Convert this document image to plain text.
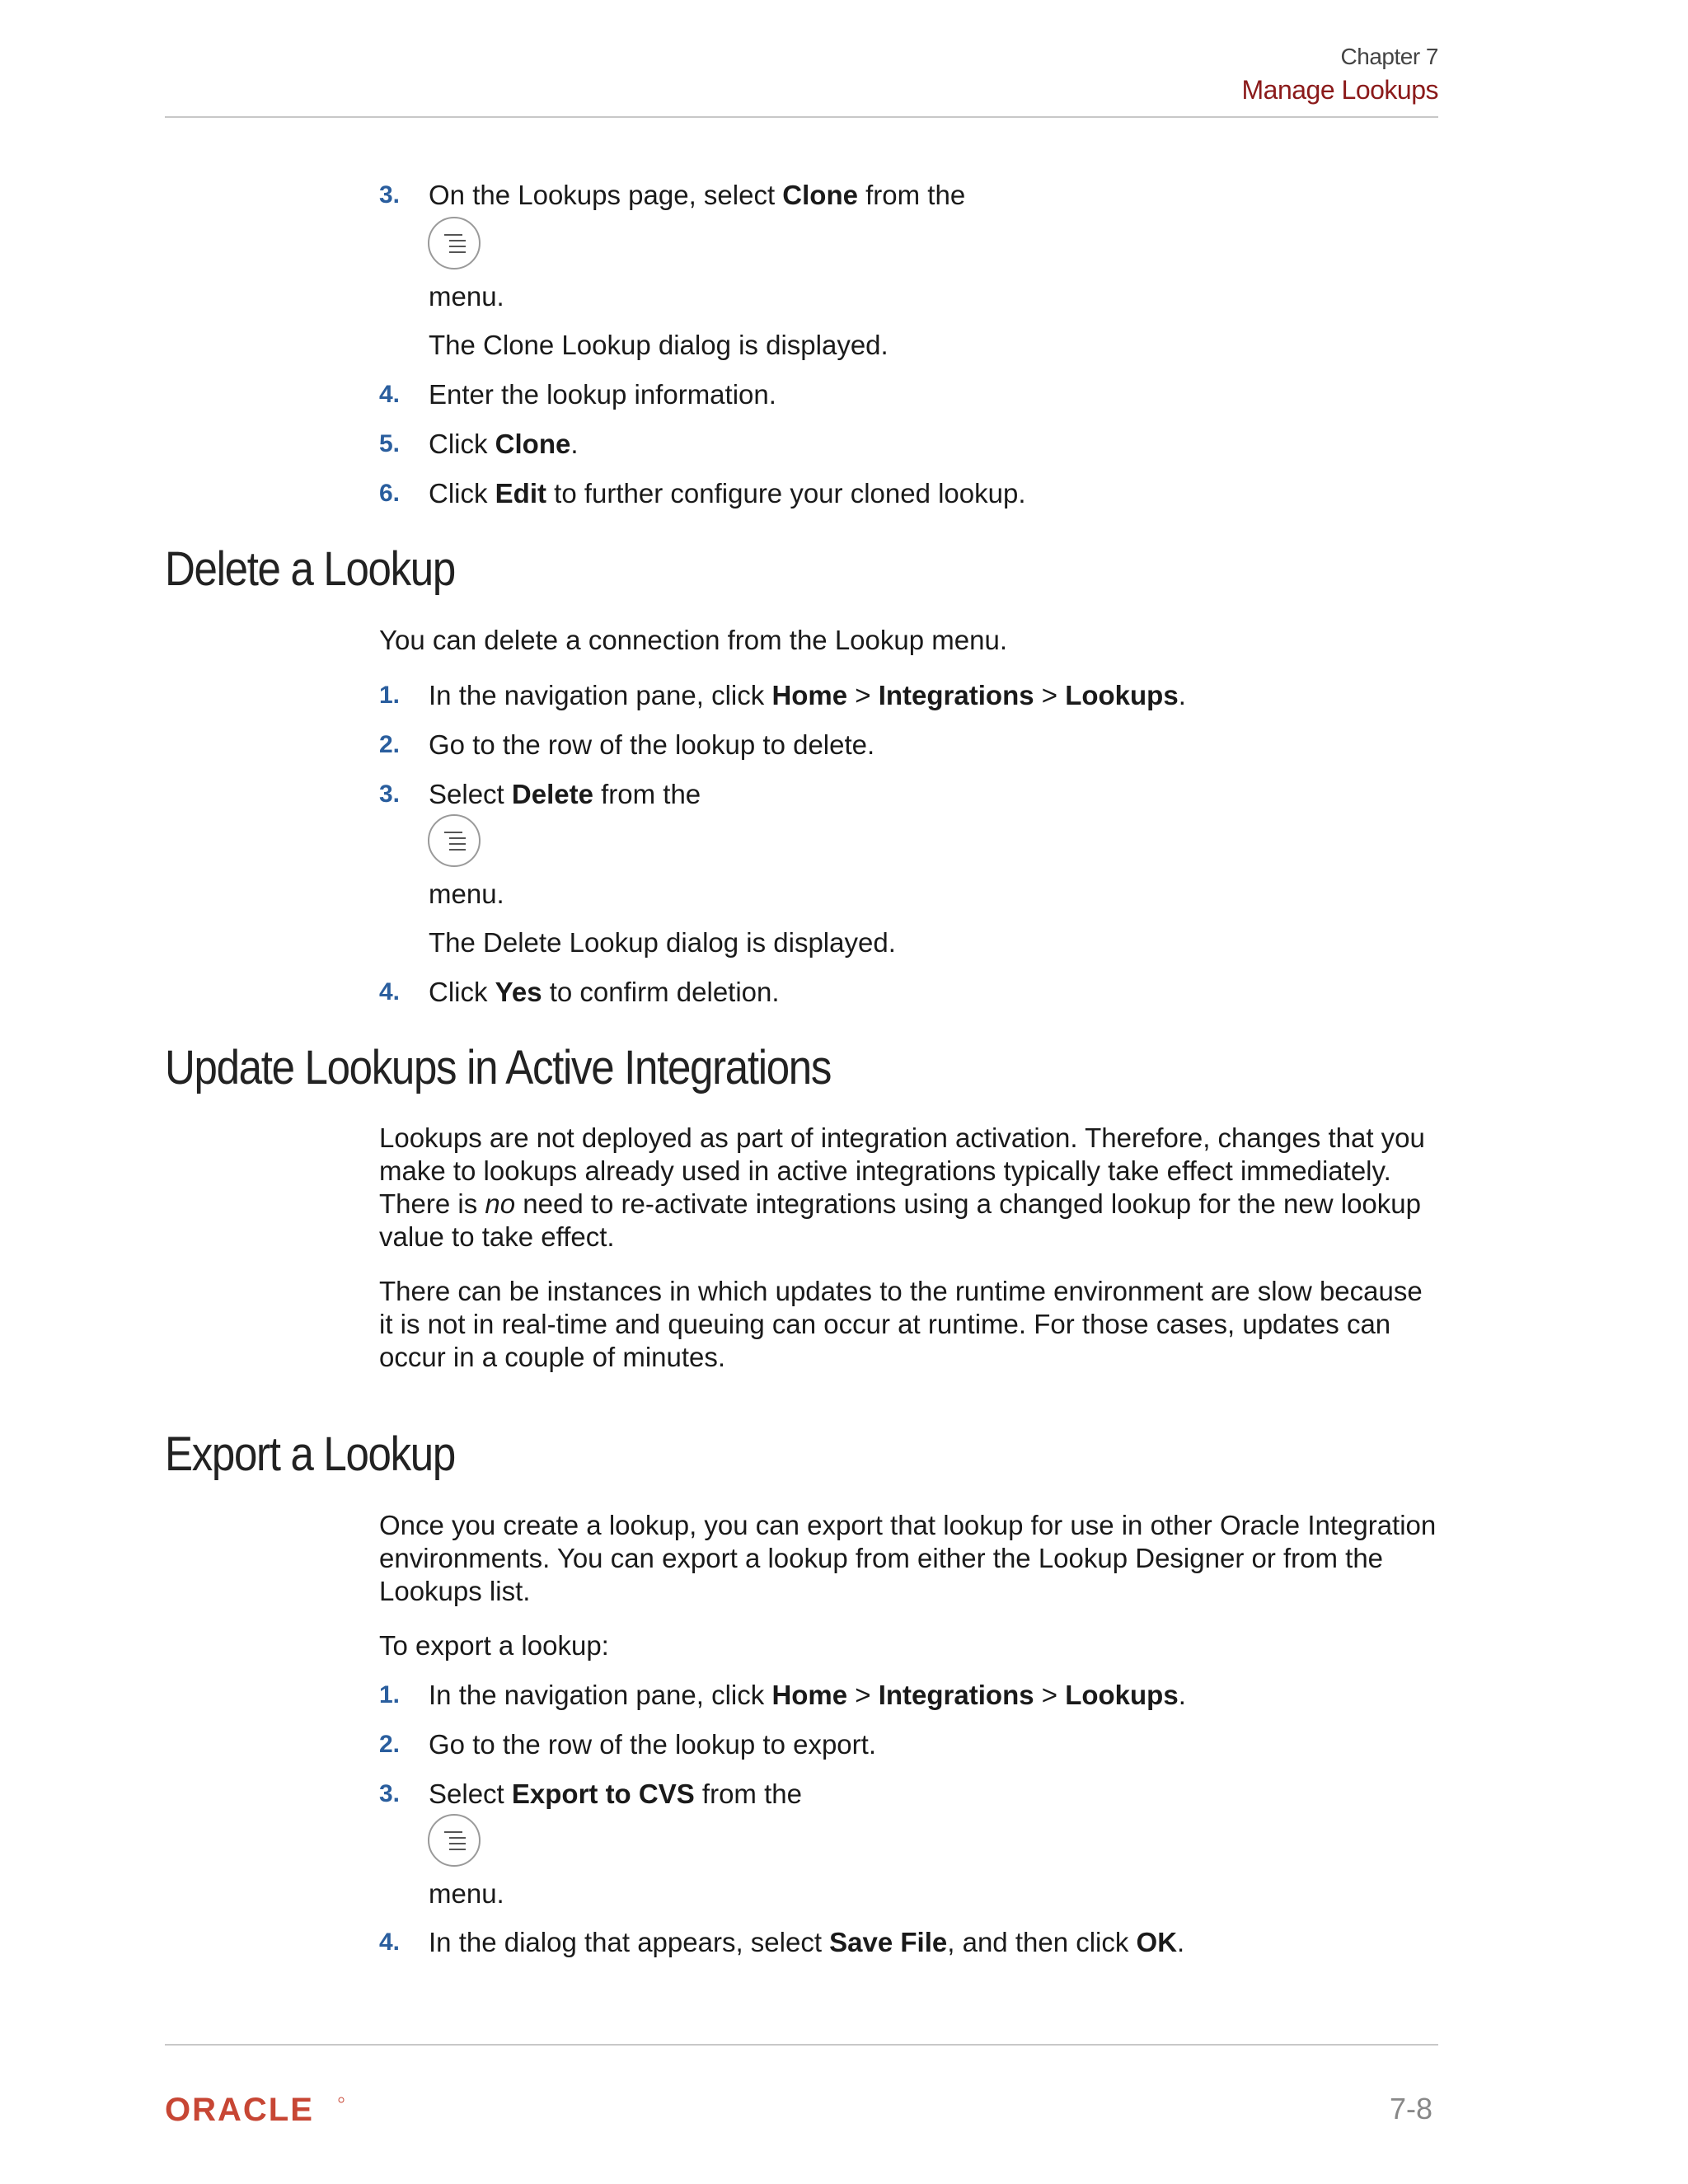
Chapter 7
Manage Lookups
3.	On the Lookups page, select Clone from the
menu.
The Clone Lookup dialog is displayed.
4.	Enter the lookup information.
5.	Click Clone.
6.	Click Edit to further configure your cloned lookup.
Delete a Lookup
You can delete a connection from the Lookup menu.
1.	In the navigation pane, click Home > Integrations > Lookups.
2.	Go to the row of the lookup to delete.
3.	Select Delete from the
menu.
The Delete Lookup dialog is displayed.
4.	Click Yes to confirm deletion.
Update Lookups in Active Integrations
Lookups are not deployed as part of integration activation. Therefore, changes that you make to lookups already used in active integrations typically take effect immediately. There is no need to re-activate integrations using a changed lookup for the new lookup value to take effect.
There can be instances in which updates to the runtime environment are slow because it is not in real-time and queuing can occur at runtime. For those cases, updates can occur in a couple of minutes.
Export a Lookup
Once you create a lookup, you can export that lookup for use in other Oracle Integration environments. You can export a lookup from either the Lookup Designer or from the Lookups list.
To export a lookup:
1.	In the navigation pane, click Home > Integrations > Lookups.
2.	Go to the row of the lookup to export.
3.	Select Export to CVS from the
menu.
4.	In the dialog that appears, select Save File, and then click OK.
ORACLE	7-8
